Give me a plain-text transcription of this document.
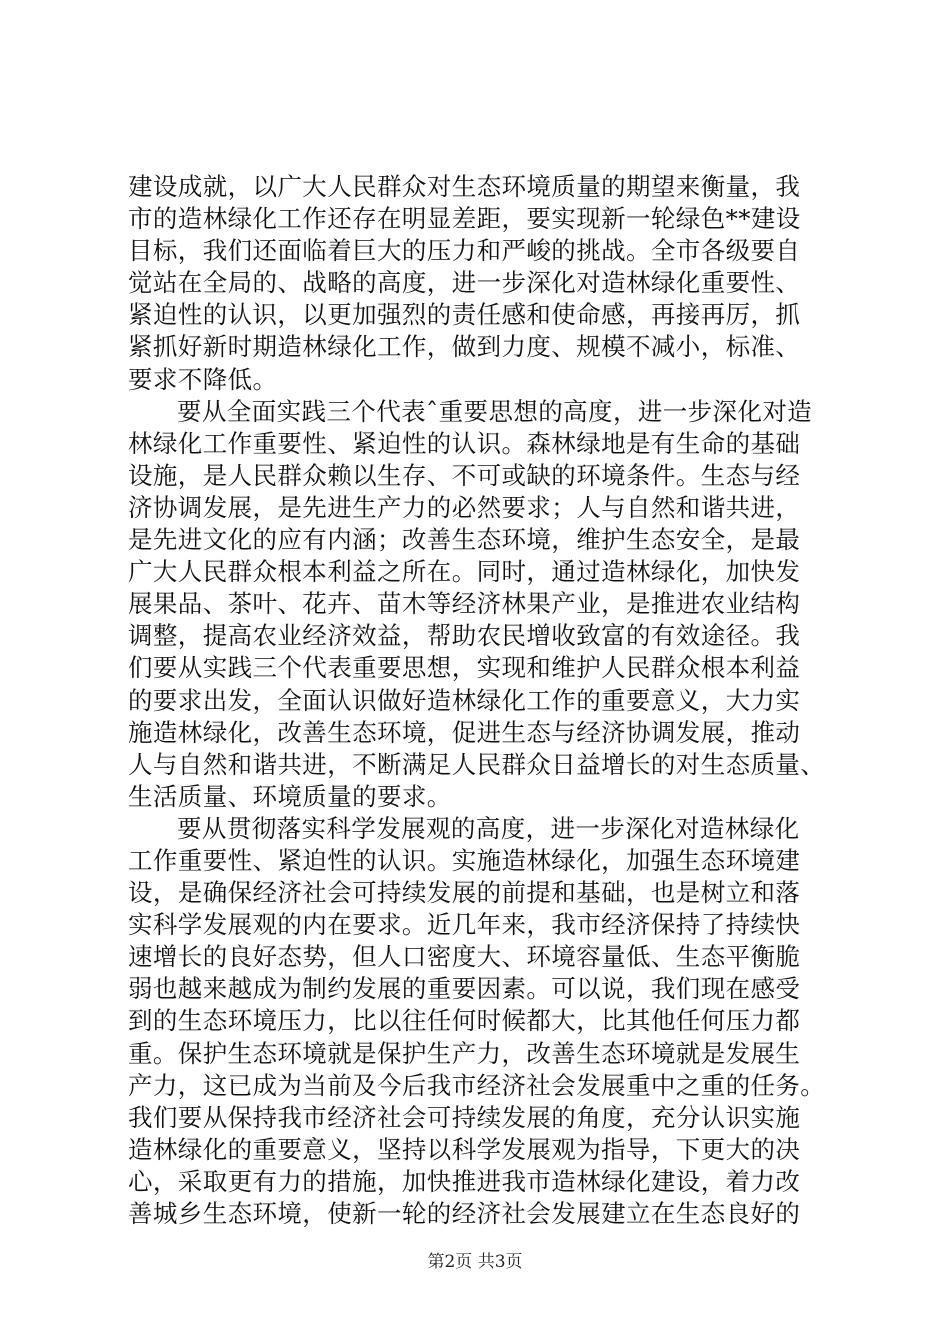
建设成就，以广大人民群众对生态环境质量的期望来衡量，我
市的造林绿化工作还存在明显差距，要实现新一轮绿色**建设
目标，我们还面临着巨大的压力和严峻的挑战。全市各级要自
觉站在全局的、战略的高度，进一步深化对造林绿化重要性、
紧迫性的认识，以更加强烈的责任感和使命感，再接再厉，抓
紧抓好新时期造林绿化工作，做到力度、规模不减小，标准、
要求不降低。
要从全面实践三个代表ˆ重要思想的高度，进一步深化对造
林绿化工作重要性、紧迫性的认识。森林绿地是有生命的基础
设施，是人民群众赖以生存、不可或缺的环境条件。生态与经
济协调发展，是先进生产力的必然要求；人与自然和谐共进，
是先进文化的应有内涵；改善生态环境，维护生态安全，是最
广大人民群众根本利益之所在。同时，通过造林绿化，加快发
展果品、茶叶、花卉、苗木等经济林果产业，是推进农业结构
调整，提高农业经济效益，帮助农民增收致富的有效途径。我
们要从实践三个代表重要思想，实现和维护人民群众根本利益
的要求出发，全面认识做好造林绿化工作的重要意义，大力实
施造林绿化，改善生态环境，促进生态与经济协调发展，推动
人与自然和谐共进，不断满足人民群众日益增长的对生态质量、
生活质量、环境质量的要求。
要从贯彻落实科学发展观的高度，进一步深化对造林绿化
工作重要性、紧迫性的认识。实施造林绿化，加强生态环境建
设，是确保经济社会可持续发展的前提和基础，也是树立和落
实科学发展观的内在要求。近几年来，我市经济保持了持续快
速增长的良好态势，但人口密度大、环境容量低、生态平衡脆
弱也越来越成为制约发展的重要因素。可以说，我们现在感受
到的生态环境压力，比以往任何时候都大，比其他任何压力都
重。保护生态环境就是保护生产力，改善生态环境就是发展生
产力，这已成为当前及今后我市经济社会发展重中之重的任务。
我们要从保持我市经济社会可持续发展的角度，充分认识实施
造林绿化的重要意义，坚持以科学发展观为指导，下更大的决
心，采取更有力的措施，加快推进我市造林绿化建设，着力改
善城乡生态环境，使新一轮的经济社会发展建立在生态良好的
第2页 共3页
